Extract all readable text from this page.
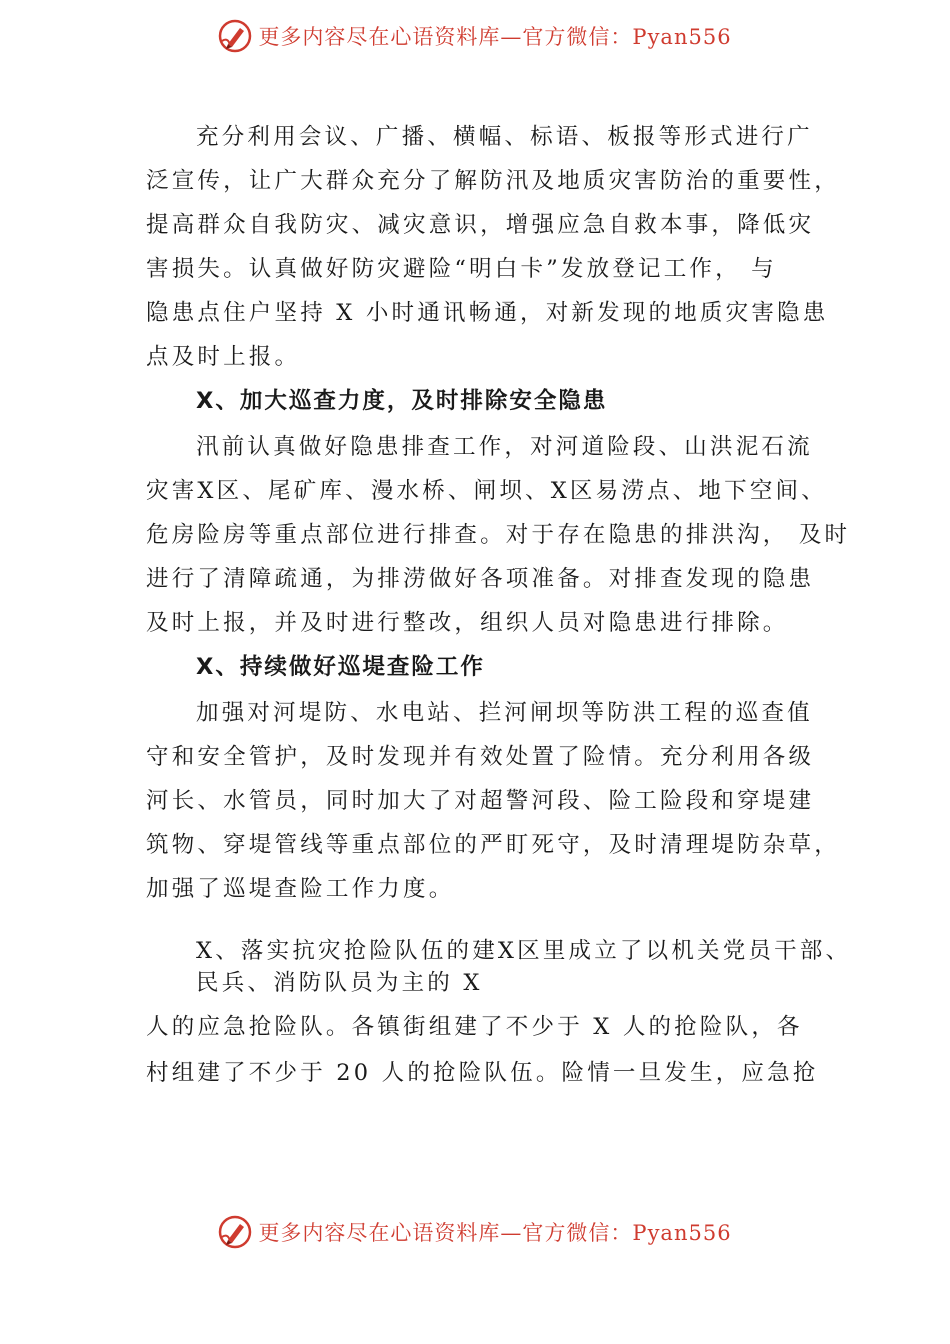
更多内容尽在心语资料库—官方微信：Pyan556
充分利用会议、广播、横幅、标语、板报等形式进行广
泛宣传，让广大群众充分了解防汛及地质灾害防治的重要性，
提高群众自我防灾、减灾意识，增强应急自救本事，降低灾
害损失。认真做好防灾避险“明白卡”发放登记工作， 与
隐患点住户坚持 X 小时通讯畅通，对新发现的地质灾害隐患
点及时上报。
X、加大巡查力度，及时排除安全隐患
汛前认真做好隐患排查工作，对河道险段、山洪泥石流
灾害X区、尾矿库、漫水桥、闸坝、X区易涝点、地下空间、
危房险房等重点部位进行排查。对于存在隐患的排洪沟， 及时
进行了清障疏通，为排涝做好各项准备。对排查发现的隐患
及时上报，并及时进行整改，组织人员对隐患进行排除。
X、持续做好巡堤查险工作
加强对河堤防、水电站、拦河闸坝等防洪工程的巡查值
守和安全管护，及时发现并有效处置了险情。充分利用各级
河长、水管员，同时加大了对超警河段、险工险段和穿堤建
筑物、穿堤管线等重点部位的严盯死守，及时清理堤防杂草，
加强了巡堤查险工作力度。
X、落实抗灾抢险队伍的建X区里成立了以机关党员干部、
民兵、消防队员为主的 X
人的应急抢险队。各镇街组建了不少于 X 人的抢险队，各
村组建了不少于 20 人的抢险队伍。险情一旦发生，应急抢
更多内容尽在心语资料库—官方微信：Pyan556
